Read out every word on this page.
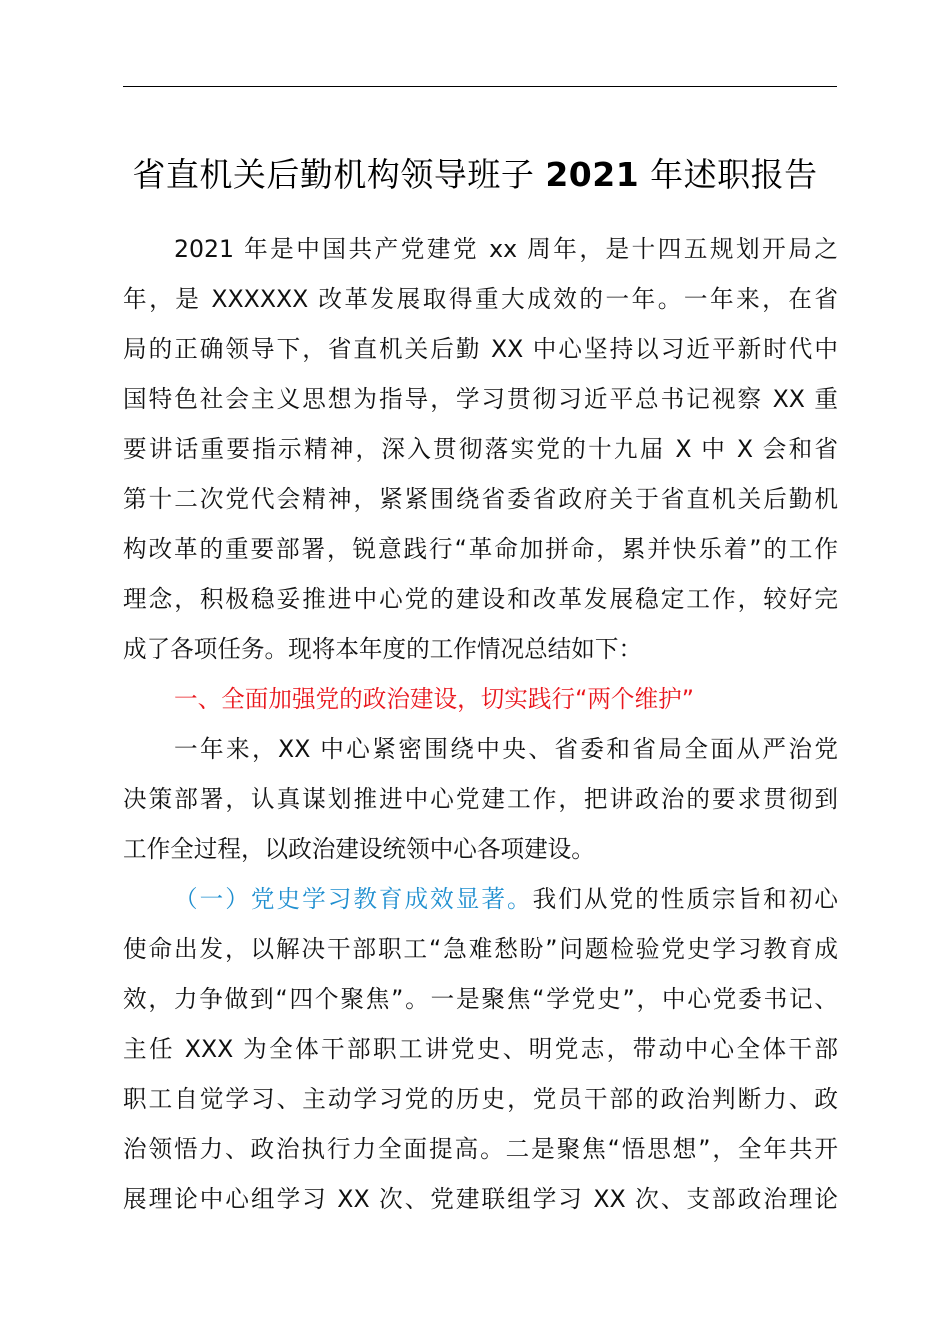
省直机关后勤机构领导班子 2021 年述职报告
2021 年是中国共产党建党 xx 周年，是十四五规划开局之
年，是 XXXXXX 改革发展取得重大成效的一年。一年来，在省
局的正确领导下，省直机关后勤 XX 中心坚持以习近平新时代中
国特色社会主义思想为指导，学习贯彻习近平总书记视察 XX 重
要讲话重要指示精神，深入贯彻落实党的十九届 X 中 X 会和省
第十二次党代会精神，紧紧围绕省委省政府关于省直机关后勤机
构改革的重要部署，锐意践行“革命加拼命，累并快乐着”的工作
理念，积极稳妥推进中心党的建设和改革发展稳定工作，较好完
成了各项任务。现将本年度的工作情况总结如下：
一、全面加强党的政治建设，切实践行“两个维护”
一年来，XX 中心紧密围绕中央、省委和省局全面从严治党
决策部署，认真谋划推进中心党建工作，把讲政治的要求贯彻到
工作全过程，以政治建设统领中心各项建设。
（一）党史学习教育成效显著。我们从党的性质宗旨和初心
使命出发，以解决干部职工“急难愁盼”问题检验党史学习教育成
效，力争做到“四个聚焦”。一是聚焦“学党史”，中心党委书记、
主任 XXX 为全体干部职工讲党史、明党志，带动中心全体干部
职工自觉学习、主动学习党的历史，党员干部的政治判断力、政
治领悟力、政治执行力全面提高。二是聚焦“悟思想”，全年共开
展理论中心组学习 XX 次、党建联组学习 XX 次、支部政治理论
